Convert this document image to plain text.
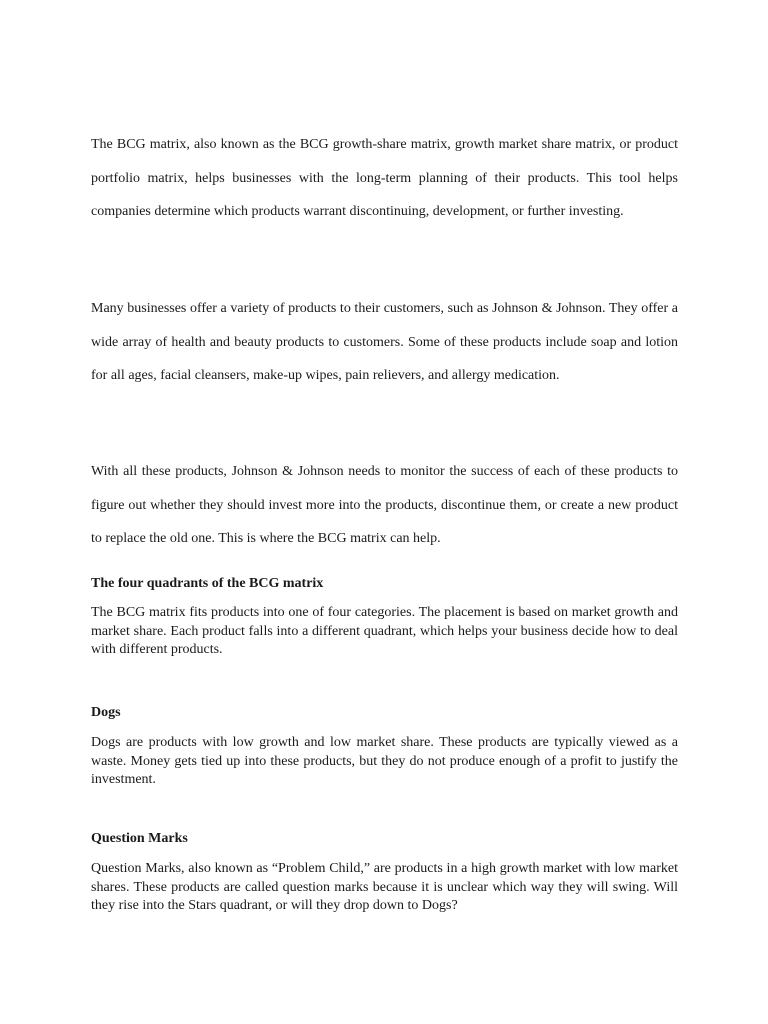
The BCG matrix, also known as the BCG growth-share matrix, growth market share matrix, or product portfolio matrix, helps businesses with the long-term planning of their products. This tool helps companies determine which products warrant discontinuing, development, or further investing.

Many businesses offer a variety of products to their customers, such as Johnson & Johnson. They offer a wide array of health and beauty products to customers. Some of these products include soap and lotion for all ages, facial cleansers, make-up wipes, pain relievers, and allergy medication.

With all these products, Johnson & Johnson needs to monitor the success of each of these products to figure out whether they should invest more into the products, discontinue them, or create a new product to replace the old one. This is where the BCG matrix can help.

The four quadrants of the BCG matrix

The BCG matrix fits products into one of four categories. The placement is based on market growth and market share. Each product falls into a different quadrant, which helps your business decide how to deal with different products.

Dogs

Dogs are products with low growth and low market share. These products are typically viewed as a waste. Money gets tied up into these products, but they do not produce enough of a profit to justify the investment.

Question Marks

Question Marks, also known as “Problem Child,” are products in a high growth market with low market shares. These products are called question marks because it is unclear which way they will swing. Will they rise into the Stars quadrant, or will they drop down to Dogs?
